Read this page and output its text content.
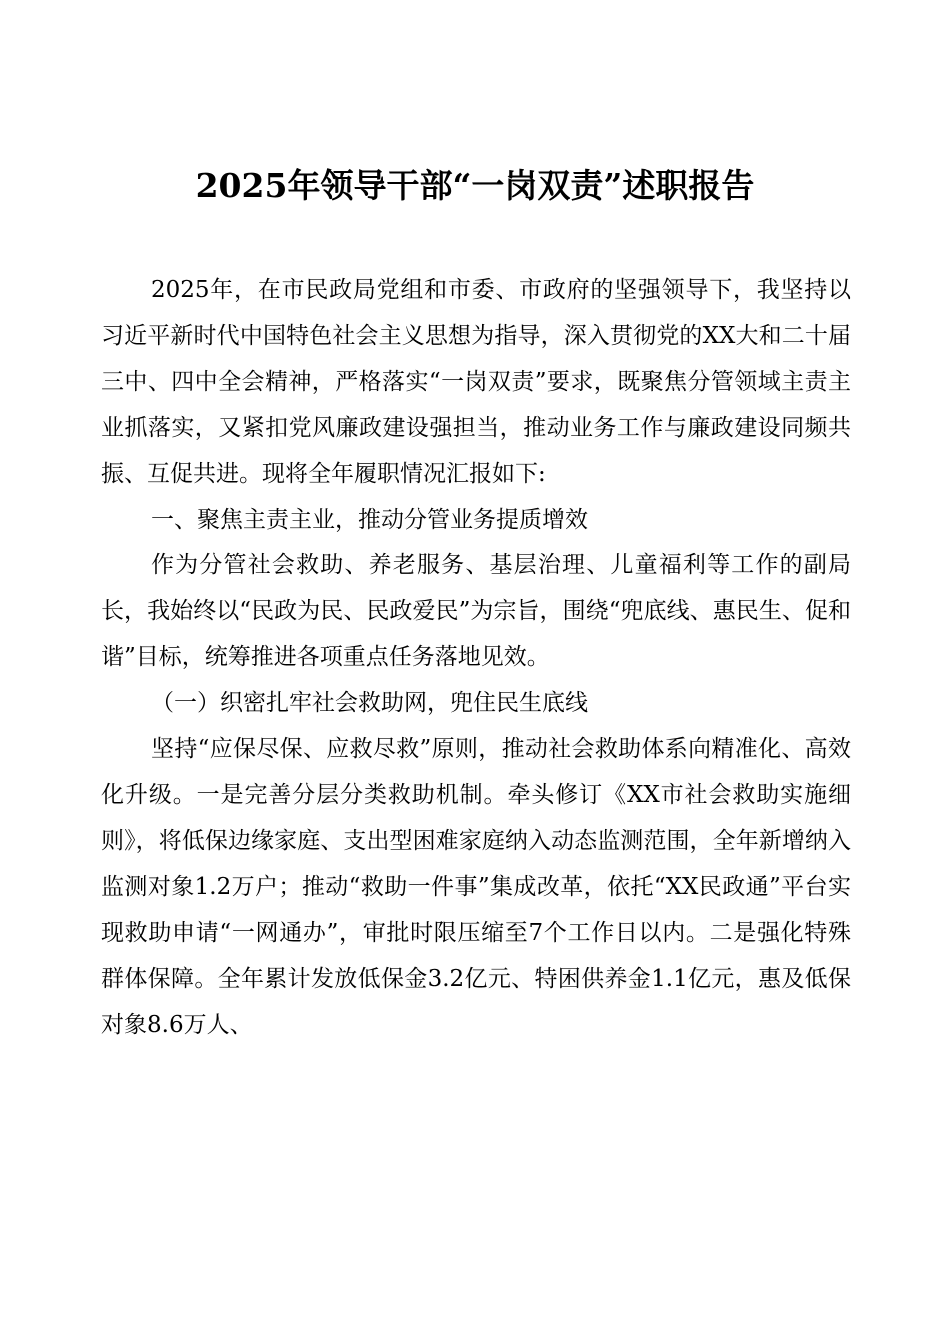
2025年领导干部“一岗双责”述职报告

2025年，在市民政局党组和市委、市政府的坚强领导下，我坚持以习近平新时代中国特色社会主义思想为指导，深入贯彻党的XX大和二十届三中、四中全会精神，严格落实“一岗双责”要求，既聚焦分管领域主责主业抓落实，又紧扣党风廉政建设强担当，推动业务工作与廉政建设同频共振、互促共进。现将全年履职情况汇报如下:

一、聚焦主责主业，推动分管业务提质增效

作为分管社会救助、养老服务、基层治理、儿童福利等工作的副局长，我始终以“民政为民、民政爱民”为宗旨，围绕“兜底线、惠民生、促和谐”目标，统筹推进各项重点任务落地见效。

（一）织密扎牢社会救助网，兜住民生底线

坚持“应保尽保、应救尽救”原则，推动社会救助体系向精准化、高效化升级。一是完善分层分类救助机制。牵头修订《XX市社会救助实施细则》，将低保边缘家庭、支出型困难家庭纳入动态监测范围，全年新增纳入监测对象1.2万户；推动“救助一件事”集成改革，依托“XX民政通”平台实现救助申请“一网通办”，审批时限压缩至7个工作日以内。二是强化特殊群体保障。全年累计发放低保金3.2亿元、特困供养金1.1亿元，惠及低保对象8.6万人、
